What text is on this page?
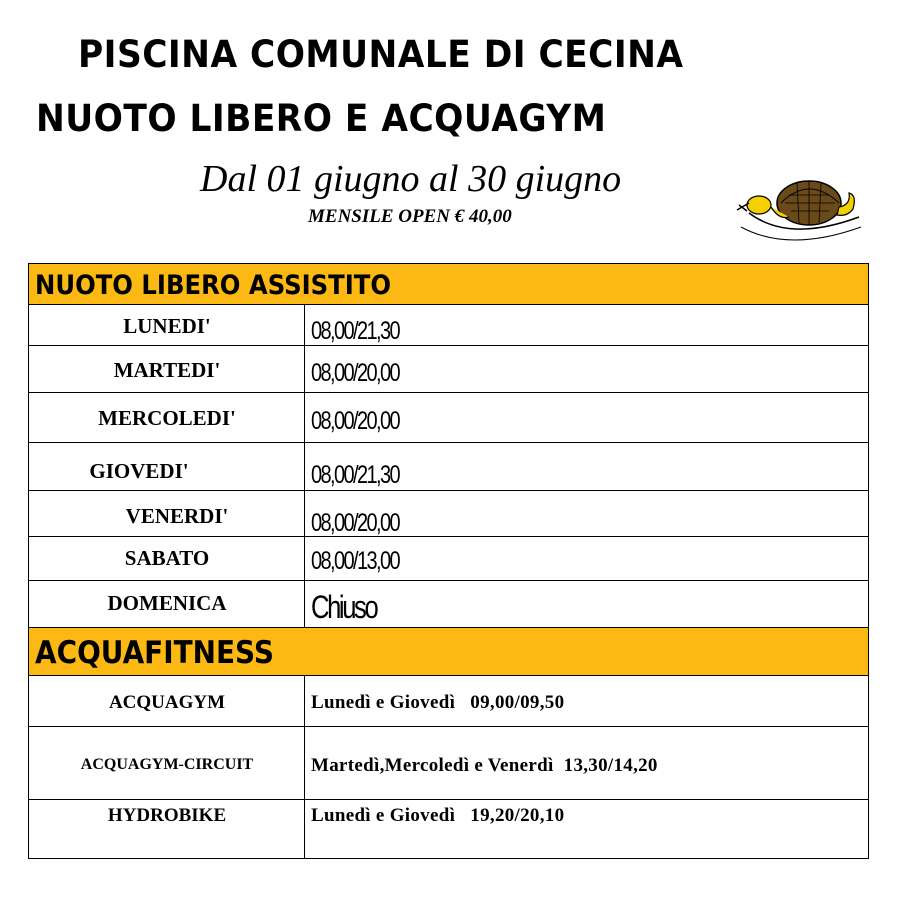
PISCINA COMUNALE DI CECINA
NUOTO LIBERO E ACQUAGYM
Dal 01 giugno al 30 giugno
MENSILE OPEN € 40,00
NUOTO LIBERO ASSISTITO
LUNEDI'	08,00/21,30
MARTEDI'	08,00/20,00
MERCOLEDI'	08,00/20,00
GIOVEDI'	08,00/21,30
VENERDI'	08,00/20,00
SABATO	08,00/13,00
DOMENICA	Chiuso
ACQUAFITNESS
ACQUAGYM	Lunedì e Giovedì   09,00/09,50
ACQUAGYM-CIRCUIT	Martedì,Mercoledì e Venerdì  13,30/14,20
HYDROBIKE	Lunedì e Giovedì   19,20/20,10
